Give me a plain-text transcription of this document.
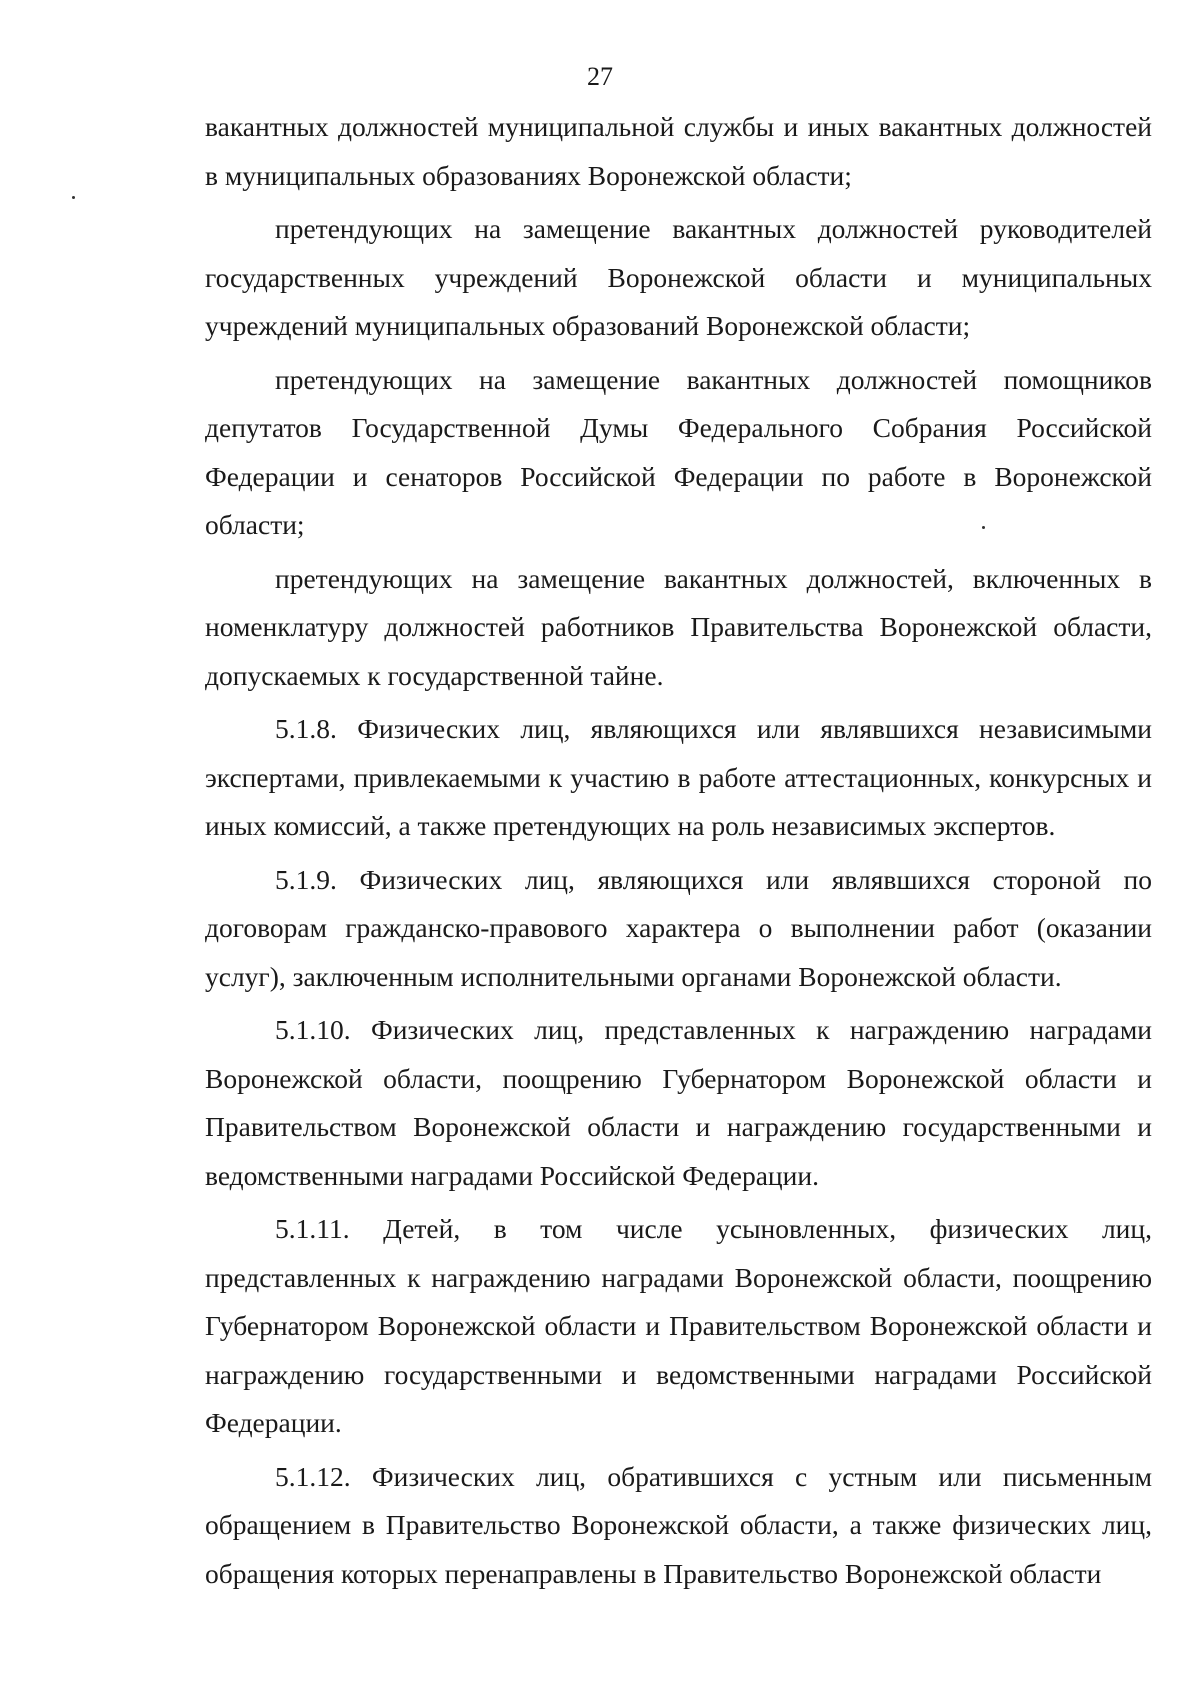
27

вакантных должностей муниципальной службы и иных вакантных должностей в муниципальных образованиях Воронежской области;

претендующих на замещение вакантных должностей руководителей государственных учреждений Воронежской области и муниципальных учреждений муниципальных образований Воронежской области;

претендующих на замещение вакантных должностей помощников депутатов Государственной Думы Федерального Собрания Российской Федерации и сенаторов Российской Федерации по работе в Воронежской области;

претендующих на замещение вакантных должностей, включенных в номенклатуру должностей работников Правительства Воронежской области, допускаемых к государственной тайне.

5.1.8. Физических лиц, являющихся или являвшихся независимыми экспертами, привлекаемыми к участию в работе аттестационных, конкурсных и иных комиссий, а также претендующих на роль независимых экспертов.

5.1.9. Физических лиц, являющихся или являвшихся стороной по договорам гражданско-правового характера о выполнении работ (оказании услуг), заключенным исполнительными органами Воронежской области.

5.1.10. Физических лиц, представленных к награждению наградами Воронежской области, поощрению Губернатором Воронежской области и Правительством Воронежской области и награждению государственными и ведомственными наградами Российской Федерации.

5.1.11. Детей, в том числе усыновленных, физических лиц, представленных к награждению наградами Воронежской области, поощрению Губернатором Воронежской области и Правительством Воронежской области и награждению государственными и ведомственными наградами Российской Федерации.

5.1.12. Физических лиц, обратившихся с устным или письменным обращением в Правительство Воронежской области, а также физических лиц, обращения которых перенаправлены в Правительство Воронежской области
